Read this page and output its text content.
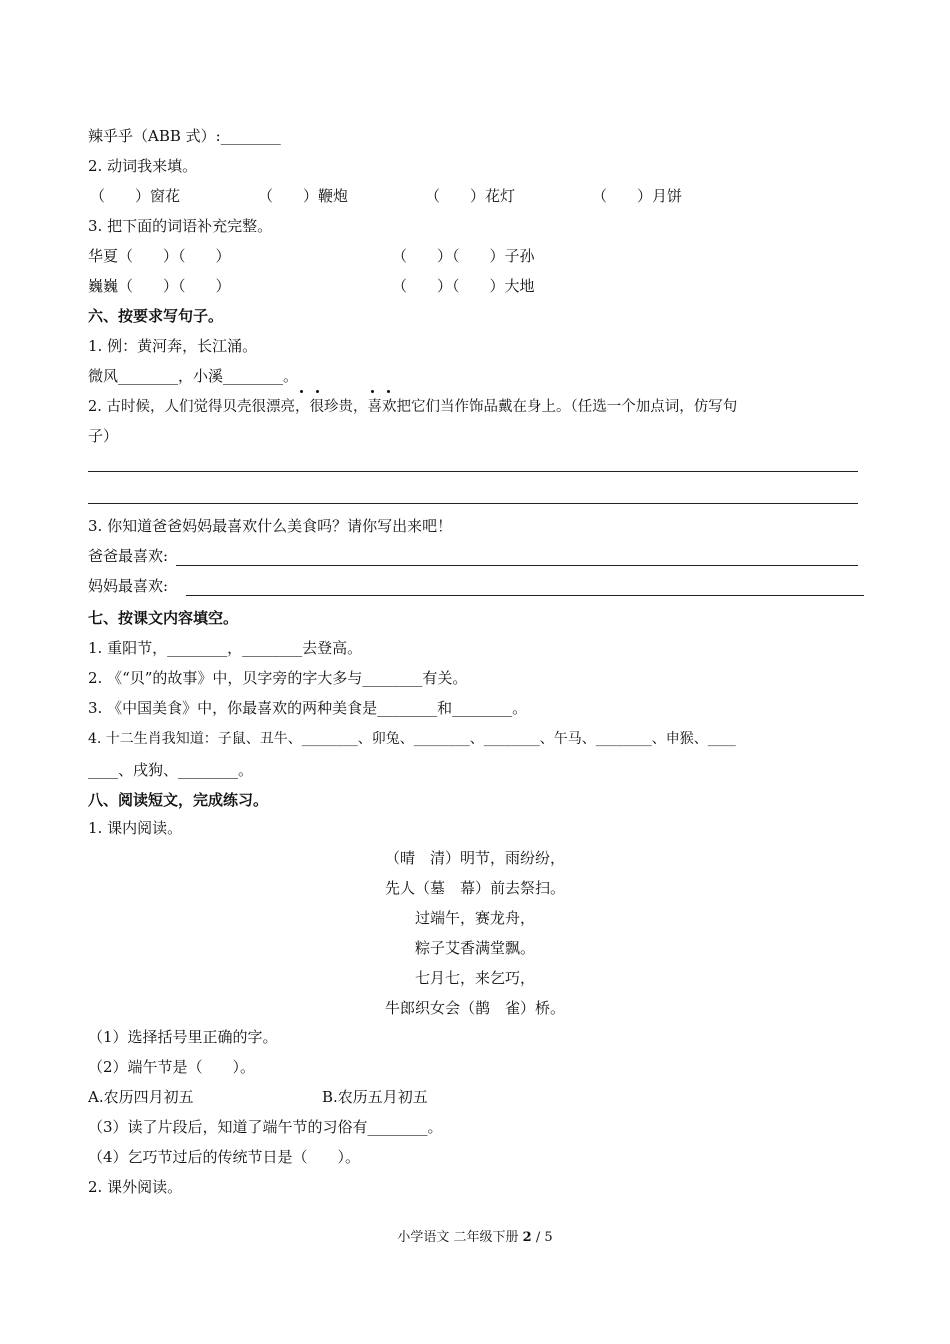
辣乎乎（ABB 式）:________
2. 动词我来填。
（　　）窗花	（　　）鞭炮	（　　）花灯	（　　）月饼
3. 把下面的词语补充完整。
华夏（　　）（　　）	（　　）（　　）子孙
巍巍（　　）（　　）	（　　）（　　）大地
六、按要求写句子。
1. 例：黄河奔，长江涌。
微风________，小溪________。
2. 古时候，人们觉得贝壳很漂亮，很珍贵，喜欢把它们当作饰品戴在身上。（任选一个加点词，仿写句
子）
3. 你知道爸爸妈妈最喜欢什么美食吗？请你写出来吧！
爸爸最喜欢:
妈妈最喜欢:
七、按课文内容填空。
1. 重阳节，________，________去登高。
2. 《“贝”的故事》中，贝字旁的字大多与________有关。
3. 《中国美食》中，你最喜欢的两种美食是________和________。
4. 十二生肖我知道：子鼠、丑牛、________、卯兔、________、________、午马、________、申猴、____
____、戌狗、________。
八、阅读短文，完成练习。
1. 课内阅读。
（晴　清）明节，雨纷纷，
先人（墓　幕）前去祭扫。
过端午，赛龙舟，
粽子艾香满堂飘。
七月七，来乞巧，
牛郎织女会（鹊　雀）桥。
（1）选择括号里正确的字。
（2）端午节是（　　）。
A.农历四月初五	B.农历五月初五
（3）读了片段后，知道了端午节的习俗有________。
（4）乞巧节过后的传统节日是（　　）。
2. 课外阅读。
小学语文 二年级下册 2 / 5
